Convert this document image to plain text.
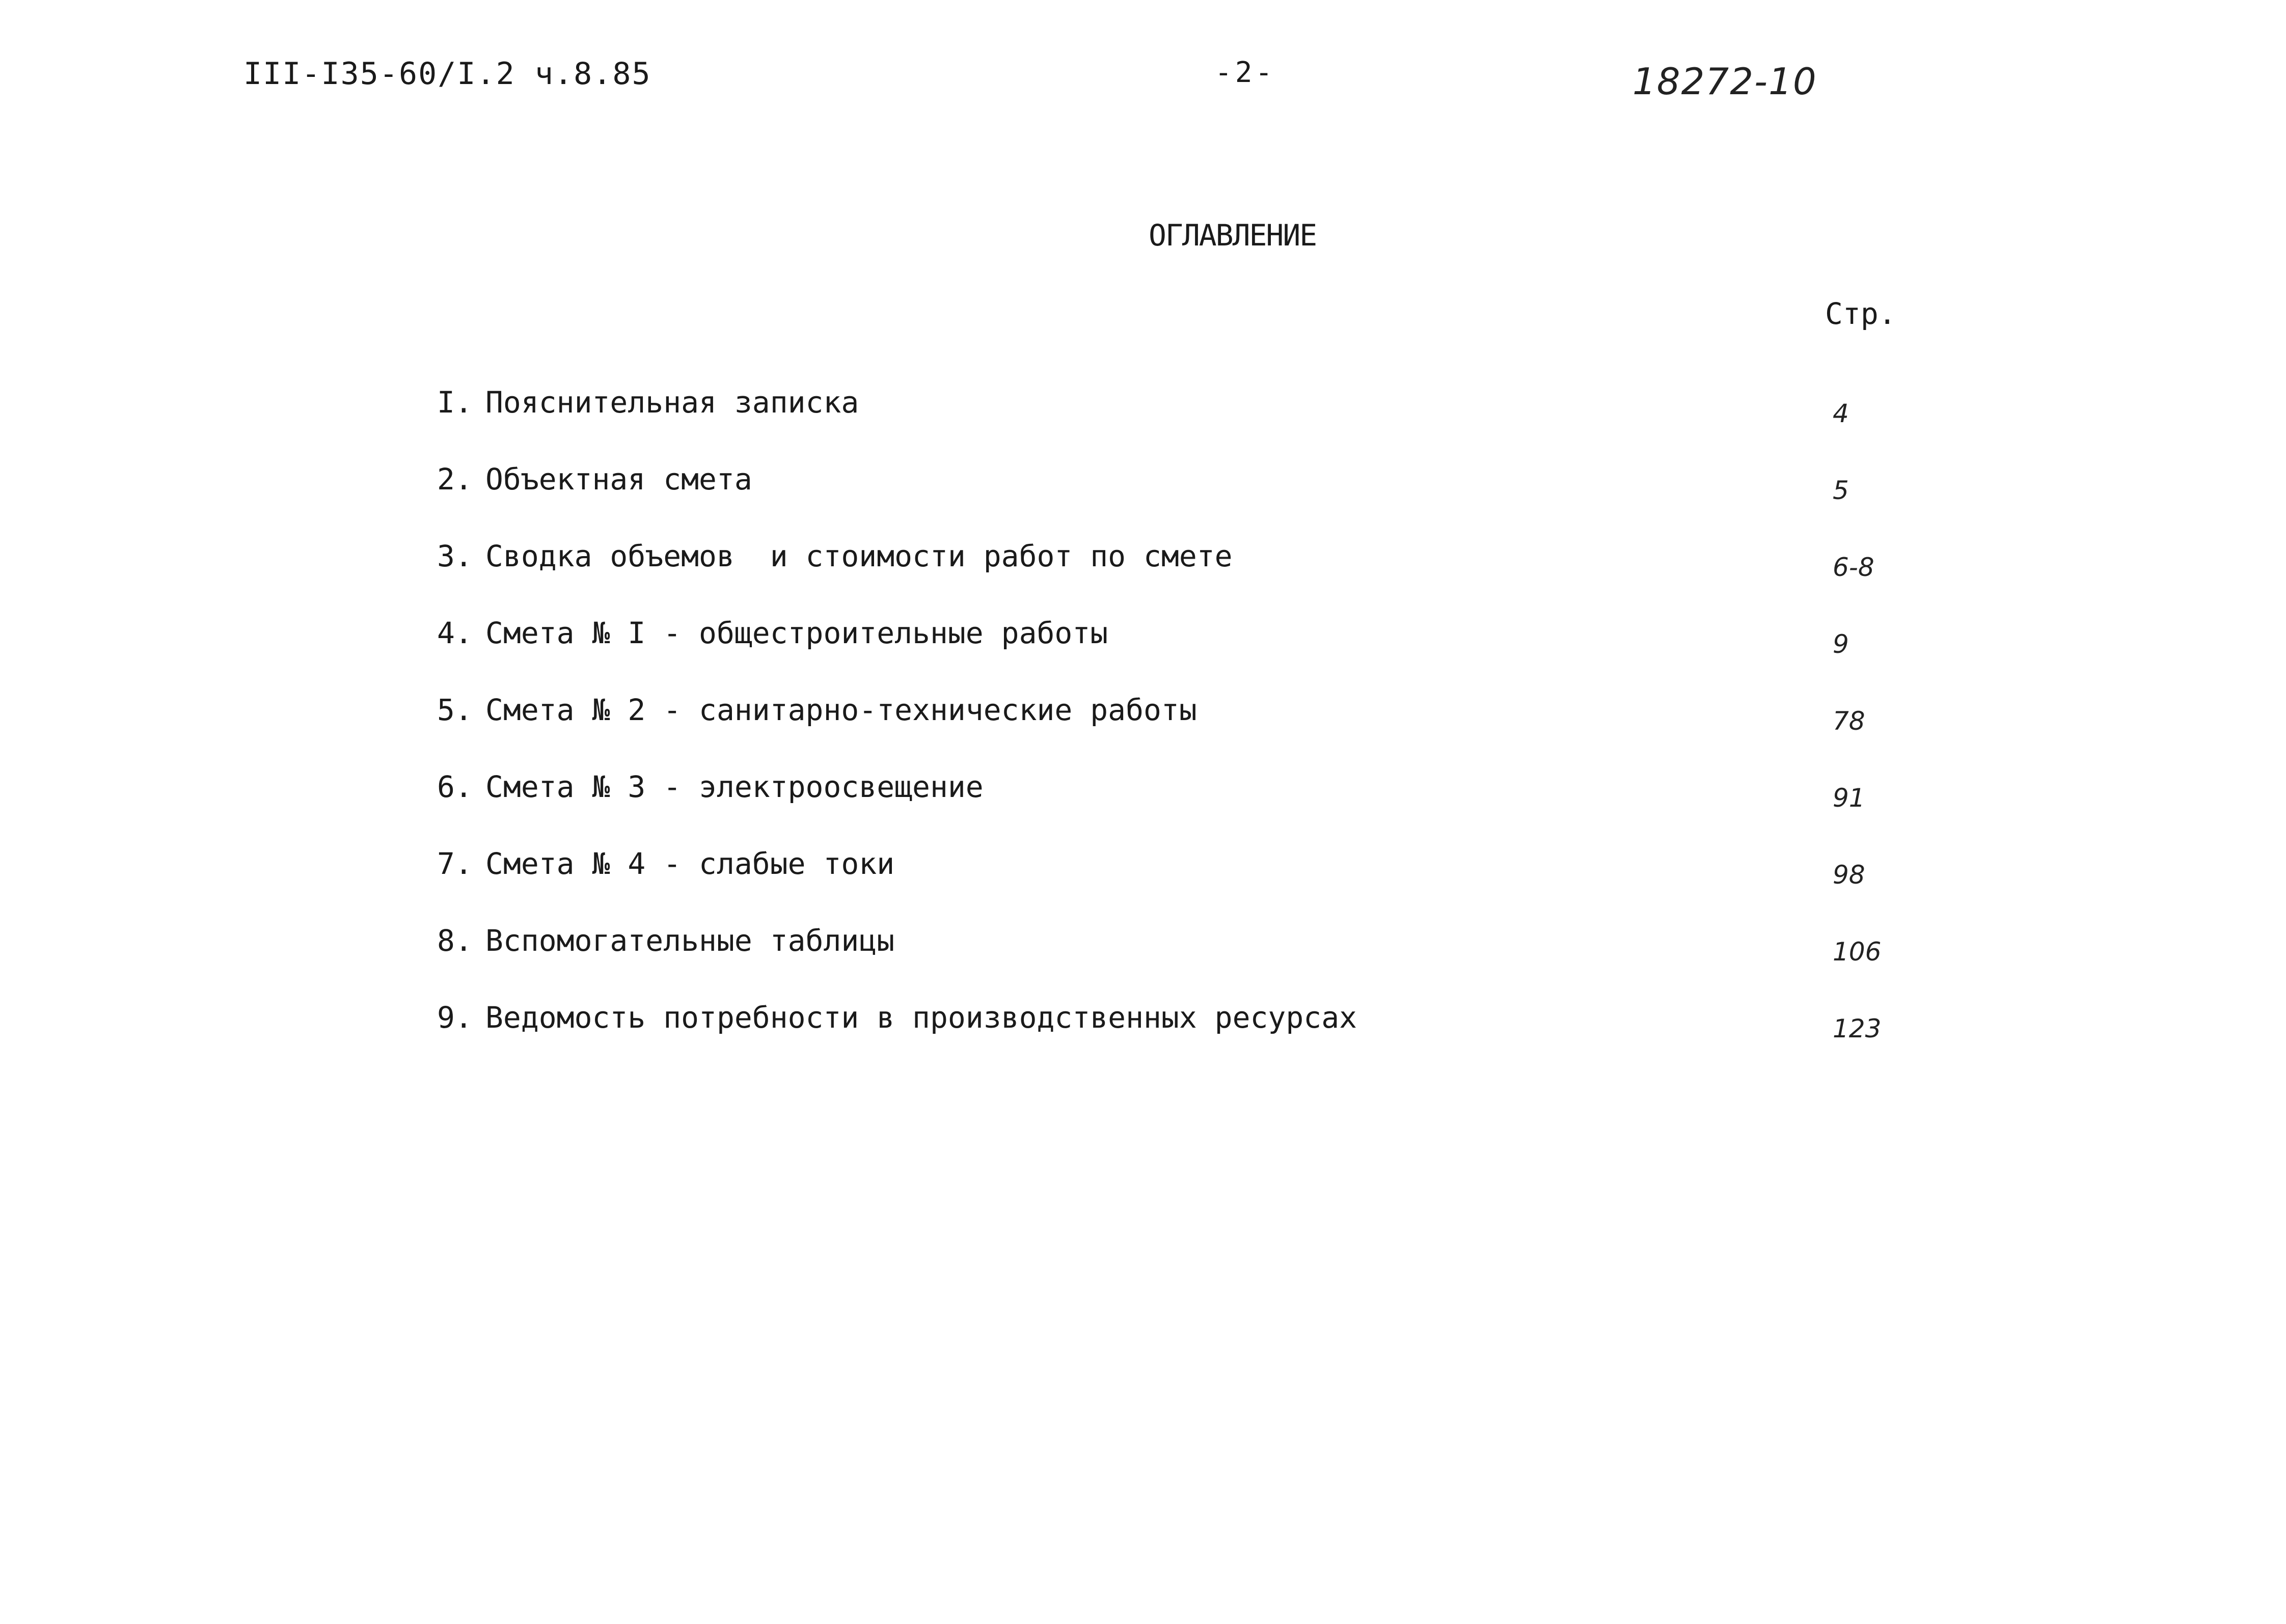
III-I35-60/I.2 ч.8.85	-2-	18272-10
ОГЛАВЛЕНИЕ
Стр.
I. Пояснительная записка	4
2. Объектная смета	5
3. Сводка объемов  и стоимости работ по смете	6-8
4. Смета № I - общестроительные работы	9
5. Смета № 2 - санитарно-технические работы	78
6. Смета № 3 - электроосвещение	91
7. Смета № 4 - слабые токи	98
8. Вспомогательные таблицы	106
9. Ведомость потребности в производственных ресурсах	123
